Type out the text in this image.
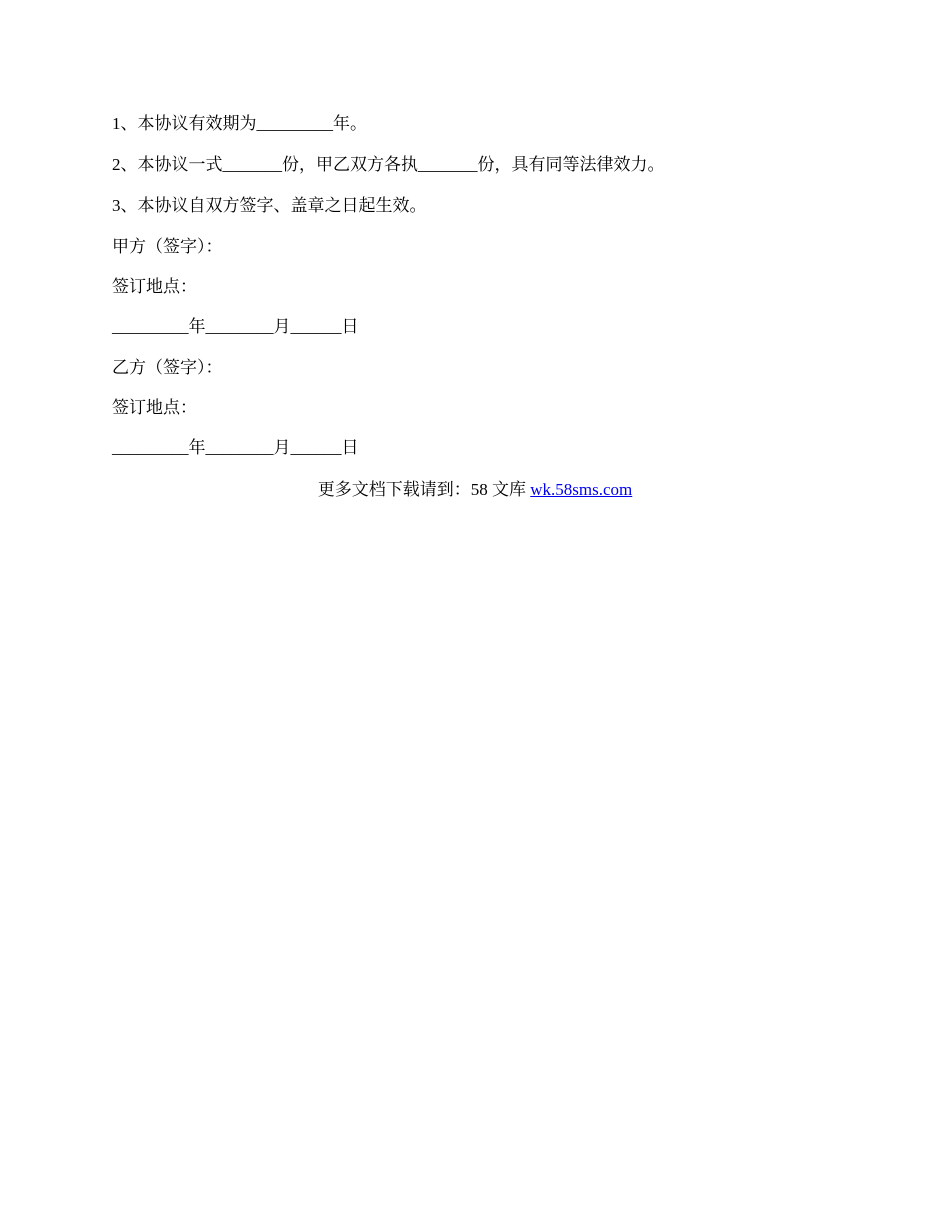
1、本协议有效期为_________年。
2、本协议一式_______份，甲乙双方各执_______份，具有同等法律效力。
3、本协议自双方签字、盖章之日起生效。
甲方（签字）：
签订地点：
_________年________月______日
乙方（签字）：
签订地点：
_________年________月______日
更多文档下载请到：58 文库 wk.58sms.com
